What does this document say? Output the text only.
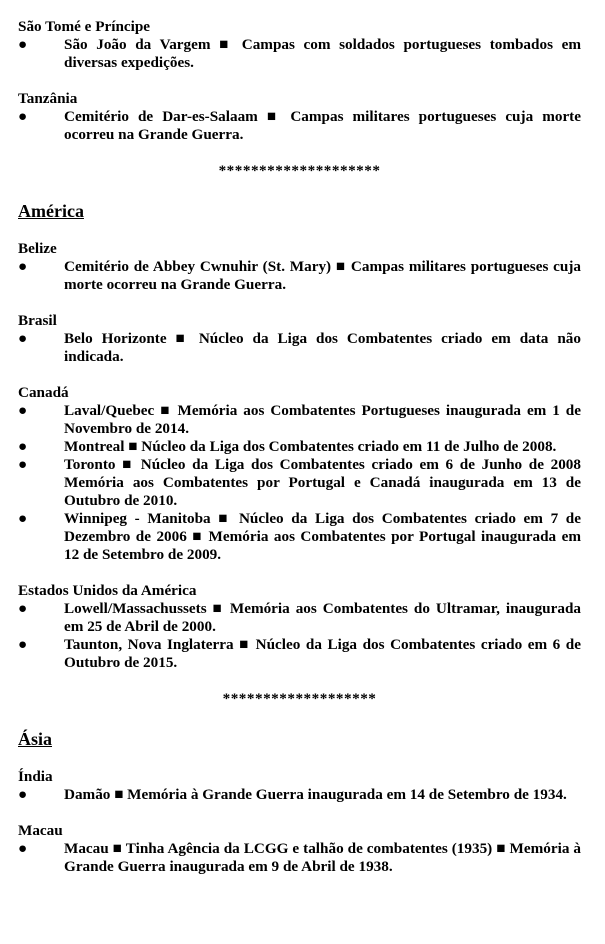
São Tomé e Príncipe

●	São João da Vargem ■ Campas com soldados portugueses tombados em diversas expedições.

Tanzânia

●	Cemitério de Dar-es-Salaam ■ Campas militares portugueses cuja morte ocorreu na Grande Guerra.

********************

América

Belize

●	Cemitério de Abbey Cwnuhir (St. Mary) ■ Campas militares portugueses cuja morte ocorreu na Grande Guerra.

Brasil

●	Belo Horizonte ■ Núcleo da Liga dos Combatentes criado em data não indicada.

Canadá

●	Laval/Quebec ■ Memória aos Combatentes Portugueses inaugurada em 1 de Novembro de 2014.
●	Montreal ■ Núcleo da Liga dos Combatentes criado em 11 de Julho de 2008.
●	Toronto ■ Núcleo da Liga dos Combatentes criado em 6 de Junho de 2008 Memória aos Combatentes por Portugal e Canadá inaugurada em 13 de Outubro de 2010.
●	Winnipeg - Manitoba ■ Núcleo da Liga dos Combatentes criado em 7 de Dezembro de 2006 ■ Memória aos Combatentes por Portugal inaugurada em 12 de Setembro de 2009.

Estados Unidos da América

●	Lowell/Massachussets ■ Memória aos Combatentes do Ultramar, inaugurada em 25 de Abril de 2000.
●	Taunton, Nova Inglaterra ■ Núcleo da Liga dos Combatentes criado em 6 de Outubro de 2015.

*******************

Ásia

Índia

●	Damão ■ Memória à Grande Guerra inaugurada em 14 de Setembro de 1934.

Macau

●	Macau ■ Tinha Agência da LCGG e talhão de combatentes (1935) ■ Memória à Grande Guerra inaugurada em 9 de Abril de 1938.
